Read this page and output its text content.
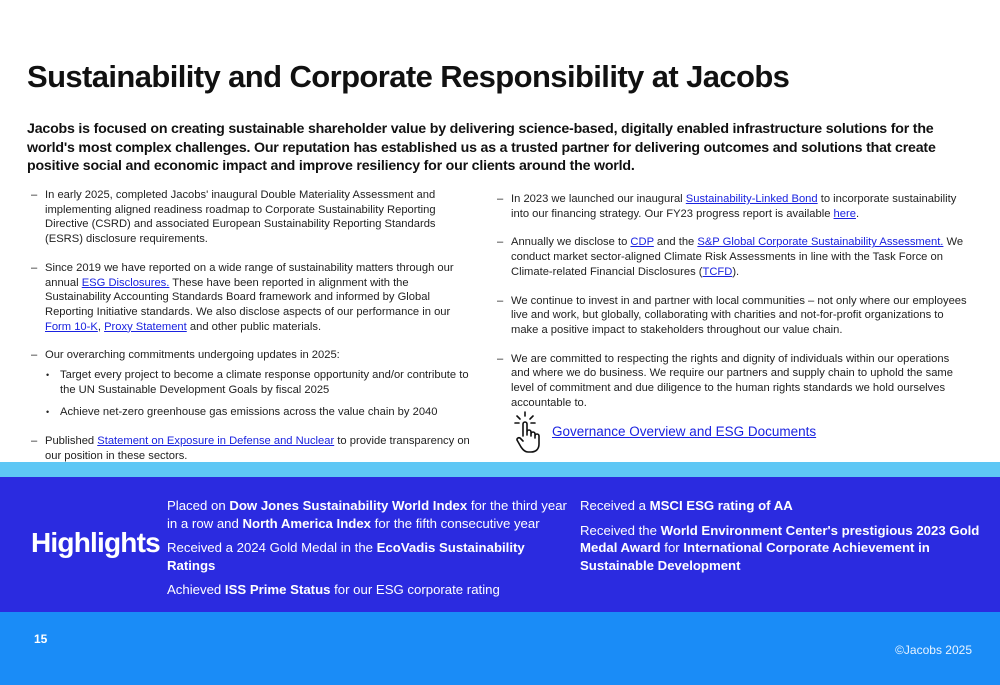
Sustainability and Corporate Responsibility at Jacobs

Jacobs is focused on creating sustainable shareholder value by delivering science-based, digitally enabled infrastructure solutions for the world's most complex challenges. Our reputation has established us as a trusted partner for delivering outcomes and solutions that create positive social and economic impact and improve resiliency for our clients around the world.

– In early 2025, completed Jacobs' inaugural Double Materiality Assessment and implementing aligned readiness roadmap to Corporate Sustainability Reporting Directive (CSRD) and associated European Sustainability Reporting Standards (ESRS) disclosure requirements.
– Since 2019 we have reported on a wide range of sustainability matters through our annual ESG Disclosures. These have been reported in alignment with the Sustainability Accounting Standards Board framework and informed by Global Reporting Initiative standards. We also disclose aspects of our performance in our Form 10-K, Proxy Statement and other public materials.
– Our overarching commitments undergoing updates in 2025:
• Target every project to become a climate response opportunity and/or contribute to the UN Sustainable Development Goals by fiscal 2025
• Achieve net-zero greenhouse gas emissions across the value chain by 2040
– Published Statement on Exposure in Defense and Nuclear to provide transparency on our position in these sectors.
– In 2023 we launched our inaugural Sustainability-Linked Bond to incorporate sustainability into our financing strategy. Our FY23 progress report is available here.
– Annually we disclose to CDP and the S&P Global Corporate Sustainability Assessment. We conduct market sector-aligned Climate Risk Assessments in line with the Task Force on Climate-related Financial Disclosures (TCFD).
– We continue to invest in and partner with local communities – not only where our employees live and work, but globally, collaborating with charities and not-for-profit organizations to make a positive impact to stakeholders throughout our value chain.
– We are committed to respecting the rights and dignity of individuals within our operations and where we do business. We require our partners and supply chain to uphold the same level of commitment and due diligence to the human rights standards we hold ourselves accountable to.
Governance Overview and ESG Documents
Highlights

Placed on Dow Jones Sustainability World Index for the third year in a row and North America Index for the fifth consecutive year

Received a 2024 Gold Medal in the EcoVadis Sustainability Ratings

Achieved ISS Prime Status for our ESG corporate rating

Received a MSCI ESG rating of AA

Received the World Environment Center's prestigious 2023 Gold Medal Award for International Corporate Achievement in Sustainable Development

15
©Jacobs 2025
